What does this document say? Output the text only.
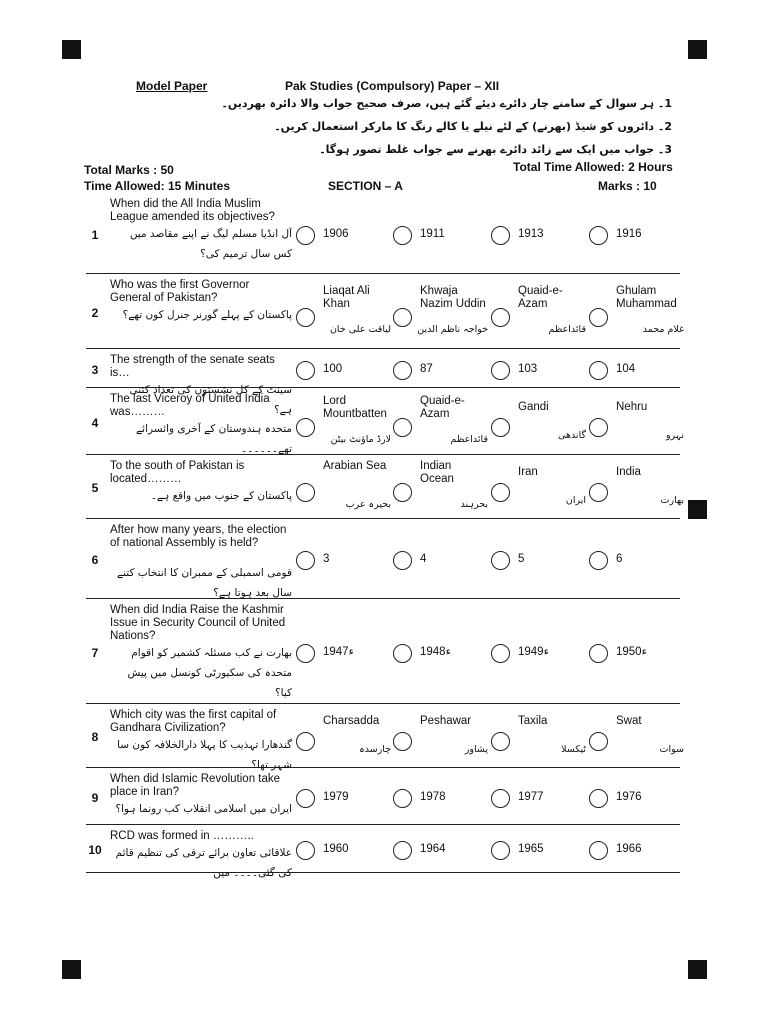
Model Paper	Pak Studies (Compulsory) Paper – XII
1۔ ہر سوال کے سامنے چار دائرے دیئے گئے ہیں، صرف صحیح جواب والا دائرہ بھردیں۔
2۔ دائروں کو شیڈ (بھرنے) کے لئے نیلے یا کالے رنگ کا مارکر استعمال کریں۔
3۔ جواب میں ایک سے زائد دائرے بھرنے سے جواب غلط تصور ہوگا۔
Total Marks : 50	Total Time Allowed: 2 Hours
Time Allowed: 15 Minutes	SECTION – A	Marks : 10
1
When did the All India Muslim League amended its objectives?
آل انڈیا مسلم لیگ نے اپنے مقاصد میں کس سال ترمیم کی؟
1906	1911	1913	1916
2
Who was the first Governor General of Pakistan?
پاکستان کے پہلے گورنر جنرل کون تھے؟
Liaqat Ali Khan
لیاقت علی خان
Khwaja Nazim Uddin
خواجہ ناظم الدین
Quaid-e-Azam
قائداعظم
Ghulam Muhammad
غلام محمد
3
The strength of the senate seats is…
سینٹ کے کل نشستوں کی تعداد کتنی ہے؟
100	87	103	104
4
The last Viceroy of United India was………
متحدہ ہندوستان کے آخری وائسرائے تھے۔۔۔۔۔۔
Lord Mountbatten
لارڈ ماؤنٹ بیٹن
Quaid-e-Azam
قائداعظم
Gandi
گاندھی
Nehru
نہرو
5
To the south of Pakistan is located………
پاکستان کے جنوب میں واقع ہے۔
Arabian Sea
بحیرہ عرب
Indian Ocean
بحرہند
Iran
ایران
India
بھارت
6
After how many years, the election of national Assembly is held?
قومی اسمبلی کے ممبران کا انتخاب کتنے سال بعد ہوتا ہے؟
3	4	5	6
7
When did India Raise the Kashmir Issue in Security Council of United Nations?
بھارت نے کب مسئلہ کشمیر کو اقوام متحدہ کی سکیورٹی کونسل میں پیش کیا؟
1947ء	1948ء	1949ء	1950ء
8
Which city was the first capital of Gandhara Civilization?
گندھارا تہذیب کا پہلا دارالخلافہ کون سا شہر تھا؟
Charsadda
چارسدہ
Peshawar
پشاور
Taxila
ٹیکسلا
Swat
سوات
9
When did Islamic Revolution take place in Iran?
ایران میں اسلامی انقلاب کب رونما ہوا؟
1979	1978	1977	1976
10
RCD was formed in ………..
علاقائی تعاون برائے ترقی کی تنظیم قائم کی گئی۔۔۔۔ میں
1960	1964	1965	1966
